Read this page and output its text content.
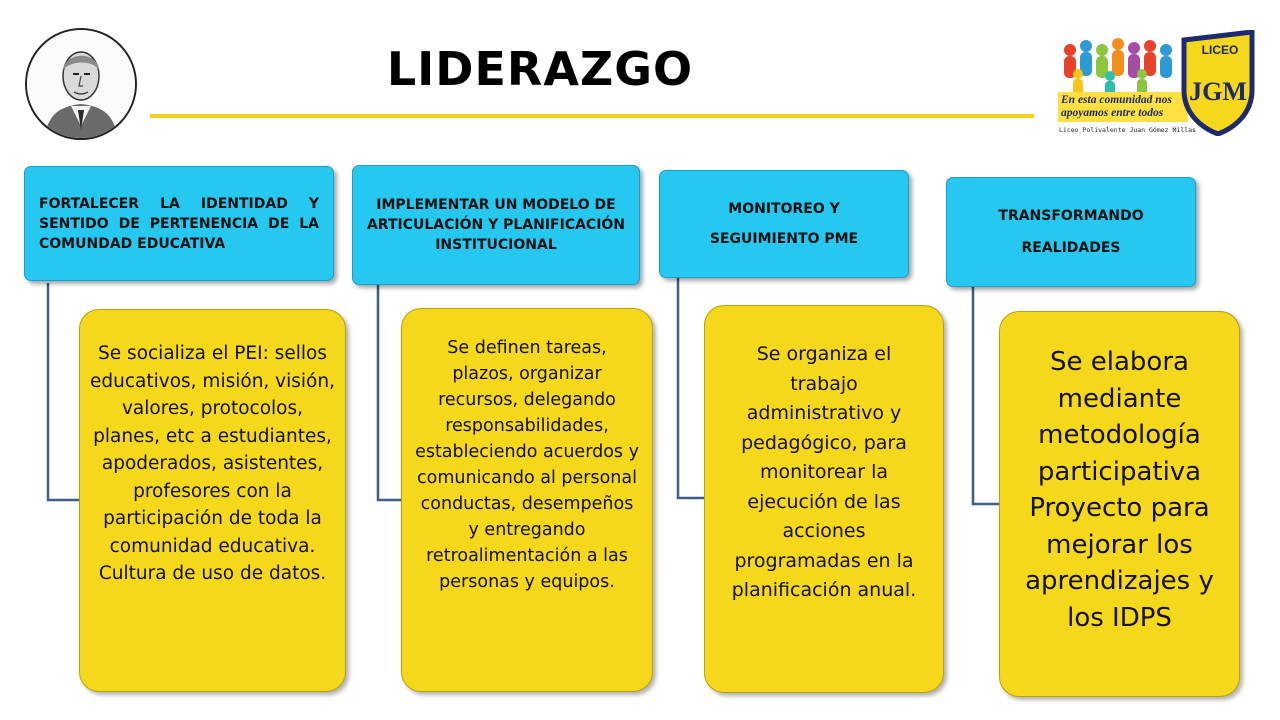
LIDERAZGO
En esta comunidad nos
apoyamos entre todos
Liceo Polivalente Juan Gómez Millas
LICEO
JGM
FORTALECER LA IDENTIDAD Y SENTIDO DE PERTENENCIA DE LA COMUNDAD EDUCATIVA
Se socializa el PEI: sellos educativos, misión, visión, valores, protocolos, planes, etc a estudiantes, apoderados, asistentes, profesores con la participación de toda la comunidad educativa. Cultura de uso de datos.
IMPLEMENTAR UN MODELO DE ARTICULACIÓN Y PLANIFICACIÓN INSTITUCIONAL
Se definen tareas, plazos, organizar recursos, delegando responsabilidades, estableciendo acuerdos y comunicando al personal conductas, desempeños y entregando retroalimentación a las personas y equipos.
MONITOREO Y SEGUIMIENTO PME
Se organiza el trabajo administrativo y pedagógico, para monitorear la ejecución de las acciones programadas en la planificación anual.
TRANSFORMANDO REALIDADES
Se elabora mediante metodología participativa Proyecto para mejorar los aprendizajes y los IDPS
